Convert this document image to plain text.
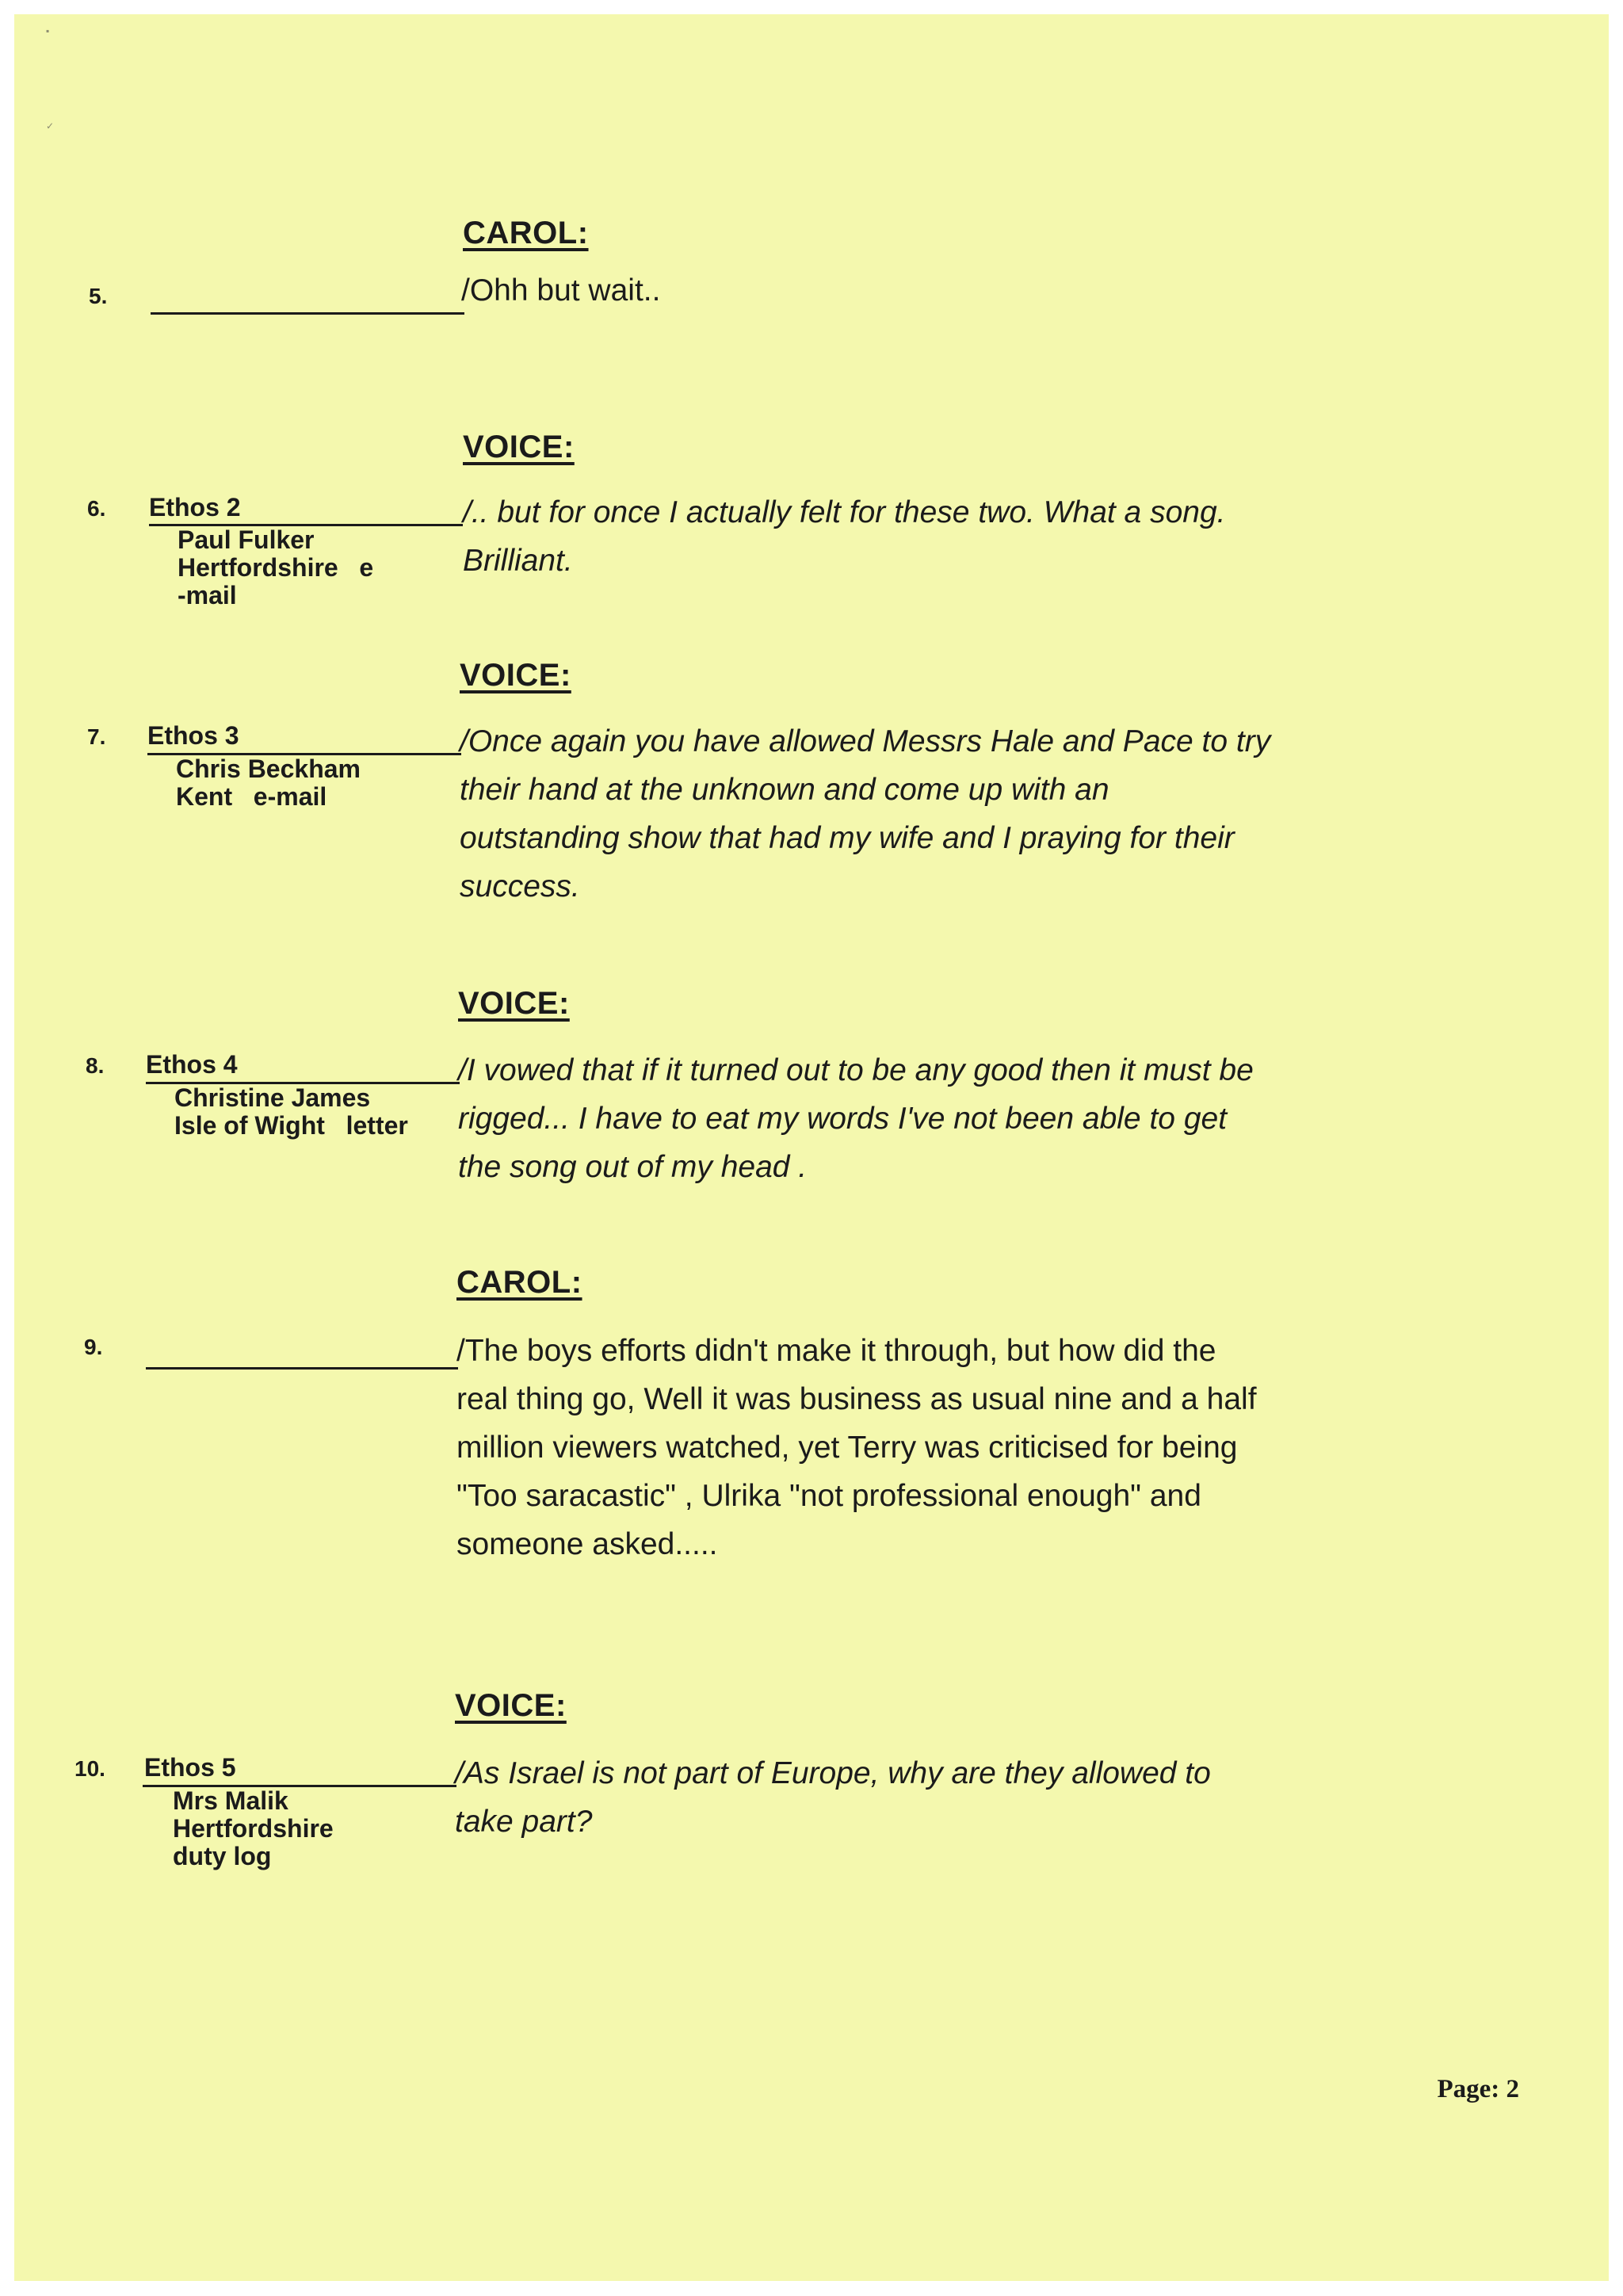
▪
✓
CAROL:
5.	/Ohh but wait..
VOICE:
6. Ethos 2
Paul Fulker
Hertfordshire   e
-mail
/.. but for once I actually felt for these two. What a song.
Brilliant.
VOICE:
7. Ethos 3
Chris Beckham
Kent   e-mail
/Once again you have allowed Messrs Hale and Pace to try
their hand at the unknown and come up with an
outstanding show that had my wife and I praying for their
success.
VOICE:
8. Ethos 4
Christine James
Isle of Wight   letter
/I vowed that if it turned out to be any good then it must be
rigged... I have to eat my words I've not been able to get
the song out of my head .
CAROL:
9.	/The boys efforts didn't make it through, but how did the
real thing go, Well it was business as usual nine and a half
million viewers watched, yet Terry was criticised for being
"Too saracastic" , Ulrika "not professional enough" and
someone asked.....
VOICE:
10. Ethos 5
Mrs Malik
Hertfordshire
duty log
/As Israel is not part of Europe, why are they allowed to
take part?
Page: 2
